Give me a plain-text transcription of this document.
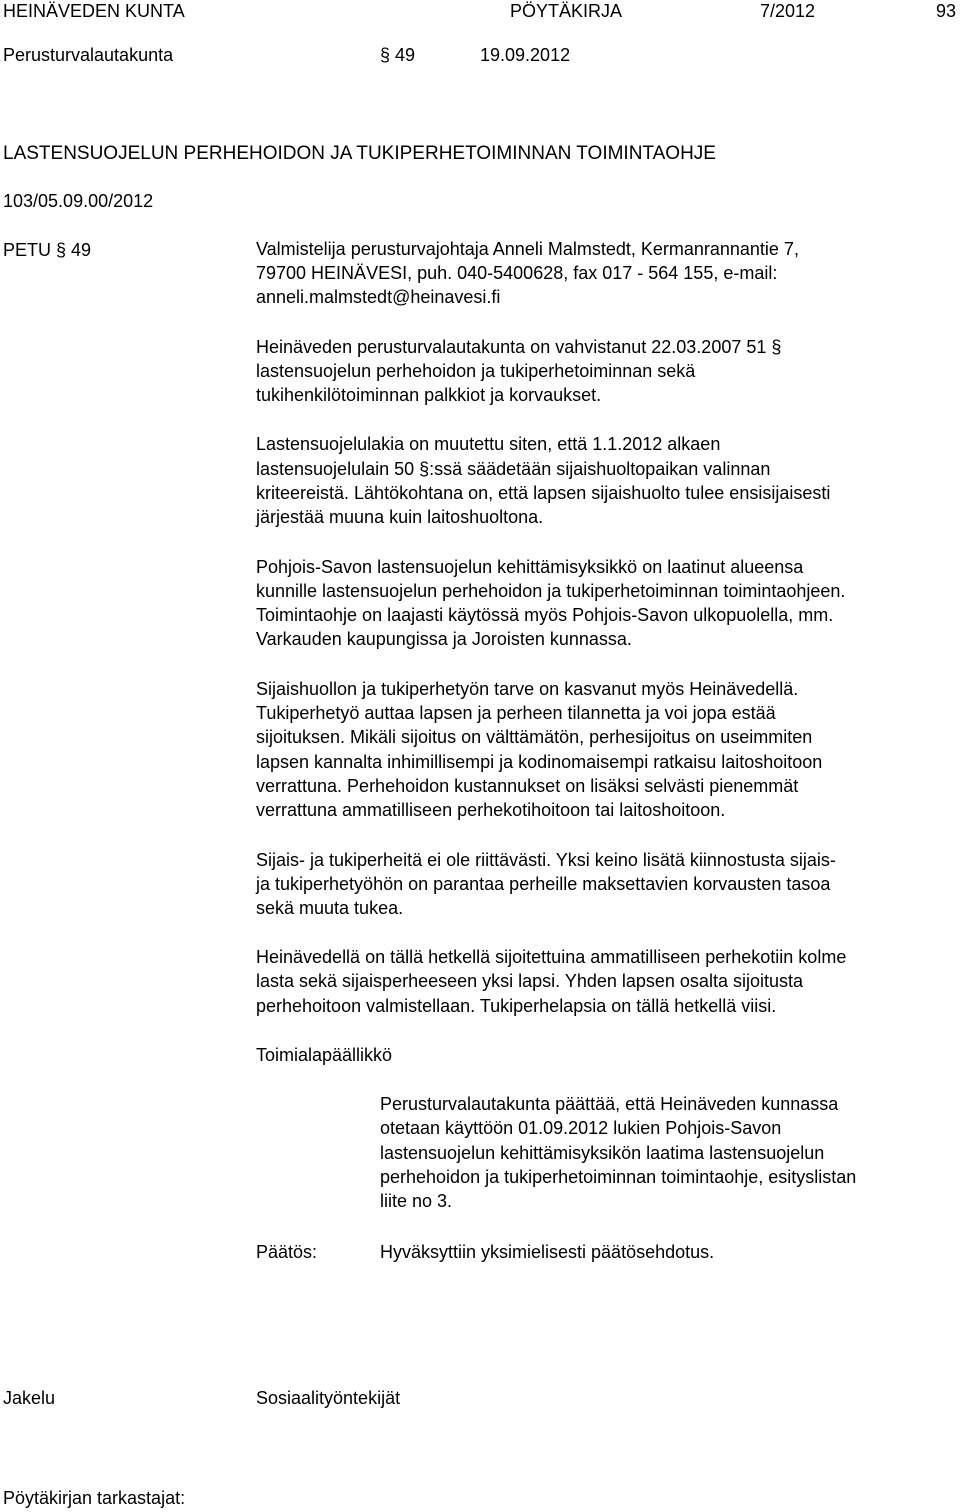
HEINÄVEDEN KUNTA	PÖYTÄKIRJA	7/2012	93
Perusturvalautakunta	§ 49	19.09.2012
LASTENSUOJELUN PERHEHOIDON JA TUKIPERHETOIMINNAN TOIMINTAOHJE
103/05.09.00/2012
PETU § 49	Valmistelija perusturvajohtaja Anneli Malmstedt, Kermanrannantie 7,
79700 HEINÄVESI, puh. 040-5400628, fax 017 - 564 155, e-mail:
anneli.malmstedt@heinavesi.fi
Heinäveden perusturvalautakunta on vahvistanut 22.03.2007 51 §
lastensuojelun perhehoidon ja tukiperhetoiminnan sekä
tukihenkilötoiminnan palkkiot ja korvaukset.
Lastensuojelulakia on muutettu siten, että 1.1.2012 alkaen
lastensuojelulain 50 §:ssä säädetään sijaishuoltopaikan valinnan
kriteereistä. Lähtökohtana on, että lapsen sijaishuolto tulee ensisijaisesti
järjestää muuna kuin laitoshuoltona.
Pohjois-Savon lastensuojelun kehittämisyksikkö on laatinut alueensa
kunnille lastensuojelun perhehoidon ja tukiperhetoiminnan toimintaohjeen.
Toimintaohje on laajasti käytössä myös Pohjois-Savon ulkopuolella, mm.
Varkauden kaupungissa ja Joroisten kunnassa.
Sijaishuollon ja tukiperhetyön tarve on kasvanut myös Heinävedellä.
Tukiperhetyö auttaa lapsen ja perheen tilannetta ja voi jopa estää
sijoituksen. Mikäli sijoitus on välttämätön, perhesijoitus on useimmiten
lapsen kannalta inhimillisempi ja kodinomaisempi ratkaisu laitoshoitoon
verrattuna. Perhehoidon kustannukset on lisäksi selvästi pienemmät
verrattuna ammatilliseen perhekotihoitoon tai laitoshoitoon.
Sijais- ja tukiperheitä ei ole riittävästi. Yksi keino lisätä kiinnostusta sijais-
ja tukiperhetyöhön on parantaa perheille maksettavien korvausten tasoa
sekä muuta tukea.
Heinävedellä on tällä hetkellä sijoitettuina ammatilliseen perhekotiin kolme
lasta sekä sijaisperheeseen yksi lapsi. Yhden lapsen osalta sijoitusta
perhehoitoon valmistellaan. Tukiperhelapsia on tällä hetkellä viisi.
Toimialapäällikkö
Perusturvalautakunta päättää, että Heinäveden kunnassa
otetaan käyttöön 01.09.2012 lukien Pohjois-Savon
lastensuojelun kehittämisyksikön laatima lastensuojelun
perhehoidon ja tukiperhetoiminnan toimintaohje, esityslistan
liite no 3.
Päätös:	Hyväksyttiin yksimielisesti päätösehdotus.
Jakelu	Sosiaalityöntekijät
Pöytäkirjan tarkastajat:
